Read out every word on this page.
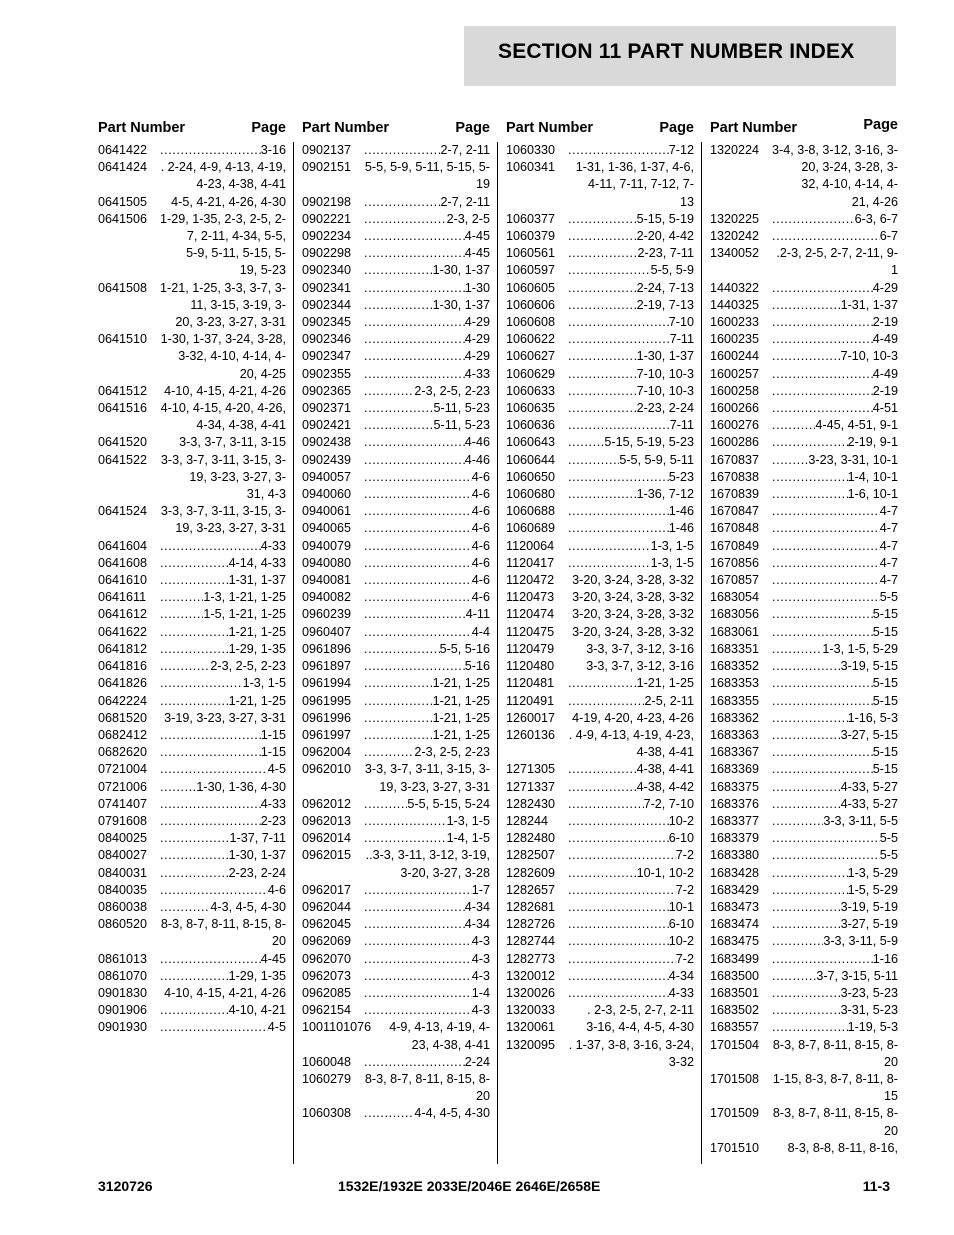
SECTION 11 PART NUMBER INDEX
Part Number	Page
0641422 .....	3-16
0641424 . 2-24, 4-9, 4-13, 4-19, 4-23, 4-38, 4-41
0641505	4-5, 4-21, 4-26, 4-30
0641506 1-29, 1-35, 2-3, 2-5, 2-7, 2-11, 4-34, 5-5, 5-9, 5-11, 5-15, 5-19, 5-23
0641508 1-21, 1-25, 3-3, 3-7, 3-11, 3-15, 3-19, 3-20, 3-23, 3-27, 3-31
0641510 1-30, 1-37, 3-24, 3-28, 3-32, 4-10, 4-14, 4-20, 4-25
0641512	4-10, 4-15, 4-21, 4-26
0641516 4-10, 4-15, 4-20, 4-26, 4-34, 4-38, 4-41
0641520	3-3, 3-7, 3-11, 3-15
0641522 3-3, 3-7, 3-11, 3-15, 3-19, 3-23, 3-27, 3-31, 4-3
0641524 3-3, 3-7, 3-11, 3-15, 3-19, 3-23, 3-27, 3-31
0641604 .....	4-33
0641608 .....	4-14, 4-33
0641610 .....	1-31, 1-37
0641611 .....	1-3, 1-21, 1-25
0641612 .....	1-5, 1-21, 1-25
0641622 .....	1-21, 1-25
0641812 .....	1-29, 1-35
0641816 .....	2-3, 2-5, 2-23
0641826 .....	1-3, 1-5
0642224 .....	1-21, 1-25
0681520	3-19, 3-23, 3-27, 3-31
0682412 .....	1-15
0682620 .....	1-15
0721004 .....	4-5
0721006 .....	1-30, 1-36, 4-30
0741407 .....	4-33
0791608 .....	2-23
0840025 .....	1-37, 7-11
0840027 .....	1-30, 1-37
0840031 .....	2-23, 2-24
0840035 .....	4-6
0860038 .....	4-3, 4-5, 4-30
0860520 8-3, 8-7, 8-11, 8-15, 8-20
0861013 .....	4-45
0861070 .....	1-29, 1-35
0901830	4-10, 4-15, 4-21, 4-26
0901906 .....	4-10, 4-21
0901930 .....	4-5
Part Number	Page
0902137 .....	2-7, 2-11
0902151 5-5, 5-9, 5-11, 5-15, 5-19
0902198 .....	2-7, 2-11
0902221 .....	2-3, 2-5
0902234 .....	4-45
0902298 .....	4-45
0902340 .....	1-30, 1-37
0902341 .....	1-30
0902344 .....	1-30, 1-37
0902345 .....	4-29
0902346 .....	4-29
0902347 .....	4-29
0902355 .....	4-33
0902365 .....	2-3, 2-5, 2-23
0902371 .....	5-11, 5-23
0902421 .....	5-11, 5-23
0902438 .....	4-46
0902439 .....	4-46
0940057 .....	4-6
0940060 .....	4-6
0940061 .....	4-6
0940065 .....	4-6
0940079 .....	4-6
0940080 .....	4-6
0940081 .....	4-6
0940082 .....	4-6
0960239 .....	4-11
0960407 .....	4-4
0961896 .....	5-5, 5-16
0961897 .....	5-16
0961994 .....	1-21, 1-25
0961995 .....	1-21, 1-25
0961996 .....	1-21, 1-25
0961997 .....	1-21, 1-25
0962004 .....	2-3, 2-5, 2-23
0962010 3-3, 3-7, 3-11, 3-15, 3-19, 3-23, 3-27, 3-31
0962012 .....	5-5, 5-15, 5-24
0962013 .....	1-3, 1-5
0962014 .....	1-4, 1-5
0962015 ..3-3, 3-11, 3-12, 3-19, 3-20, 3-27, 3-28
0962017 .....	1-7
0962044 .....	4-34
0962045 .....	4-34
0962069 .....	4-3
0962070 .....	4-3
0962073 .....	4-3
0962085 .....	1-4
0962154 .....	4-3
1001101076 4-9, 4-13, 4-19, 4-23, 4-38, 4-41
1060048 .....	2-24
1060279 8-3, 8-7, 8-11, 8-15, 8-20
1060308 .....	4-4, 4-5, 4-30
Part Number	Page
1060330 .....	7-12
1060341	1-31, 1-36, 1-37, 4-6, 4-11, 7-11, 7-12, 7-13
1060377 .....	5-15, 5-19
1060379 .....	2-20, 4-42
1060561 .....	2-23, 7-11
1060597 .....	5-5, 5-9
1060605 .....	2-24, 7-13
1060606 .....	2-19, 7-13
1060608 .....	7-10
1060622 .....	7-11
1060627 .....	1-30, 1-37
1060629 .....	7-10, 10-3
1060633 .....	7-10, 10-3
1060635 .....	2-23, 2-24
1060636 .....	7-11
1060643 .....	5-15, 5-19, 5-23
1060644 .....	5-5, 5-9, 5-11
1060650 .....	5-23
1060680 .....	1-36, 7-12
1060688 .....	1-46
1060689 .....	1-46
1120064 .....	1-3, 1-5
1120417 .....	1-3, 1-5
1120472	3-20, 3-24, 3-28, 3-32
1120473	3-20, 3-24, 3-28, 3-32
1120474	3-20, 3-24, 3-28, 3-32
1120475	3-20, 3-24, 3-28, 3-32
1120479	3-3, 3-7, 3-12, 3-16
1120480	3-3, 3-7, 3-12, 3-16
1120481 .....	1-21, 1-25
1120491 .....	2-5, 2-11
1260017	4-19, 4-20, 4-23, 4-26
1260136 . 4-9, 4-13, 4-19, 4-23, 4-38, 4-41
1271305 .....	4-38, 4-41
1271337 .....	4-38, 4-42
1282430 .....	7-2, 7-10
128244 .....	10-2
1282480 .....	6-10
1282507 .....	7-2
1282609 .....	10-1, 10-2
1282657 .....	7-2
1282681 .....	10-1
1282726 .....	6-10
1282744 .....	10-2
1282773 .....	7-2
1320012 .....	4-34
1320026 .....	4-33
1320033	. 2-3, 2-5, 2-7, 2-11
1320061	3-16, 4-4, 4-5, 4-30
1320095 . 1-37, 3-8, 3-16, 3-24, 3-32
Part Number	Page
1320224 3-4, 3-8, 3-12, 3-16, 3-20, 3-24, 3-28, 3-32, 4-10, 4-14, 4-21, 4-26
1320225 .....	6-3, 6-7
1320242 .....	6-7
1340052	.2-3, 2-5, 2-7, 2-11, 9-1
1440322 .....	4-29
1440325 .....	1-31, 1-37
1600233 .....	2-19
1600235 .....	4-49
1600244 .....	7-10, 10-3
1600257 .....	4-49
1600258 .....	2-19
1600266 .....	4-51
1600276 .....	4-45, 4-51, 9-1
1600286 .....	2-19, 9-1
1670837 .....	3-23, 3-31, 10-1
1670838 .....	1-4, 10-1
1670839 .....	1-6, 10-1
1670847 .....	4-7
1670848 .....	4-7
1670849 .....	4-7
1670856 .....	4-7
1670857 .....	4-7
1683054 .....	5-5
1683056 .....	5-15
1683061 .....	5-15
1683351 .....	1-3, 1-5, 5-29
1683352 .....	3-19, 5-15
1683353 .....	5-15
1683355 .....	5-15
1683362 .....	1-16, 5-3
1683363 .....	3-27, 5-15
1683367 .....	5-15
1683369 .....	5-15
1683375 .....	4-33, 5-27
1683376 .....	4-33, 5-27
1683377 .....	3-3, 3-11, 5-5
1683379 .....	5-5
1683380 .....	5-5
1683428 .....	1-3, 5-29
1683429 .....	1-5, 5-29
1683473 .....	3-19, 5-19
1683474 .....	3-27, 5-19
1683475 .....	3-3, 3-11, 5-9
1683499 .....	1-16
1683500 .....	3-7, 3-15, 5-11
1683501 .....	3-23, 5-23
1683502 .....	3-31, 5-23
1683557 .....	1-19, 5-3
1701504 8-3, 8-7, 8-11, 8-15, 8-20
1701508 1-15, 8-3, 8-7, 8-11, 8-15
1701509 8-3, 8-7, 8-11, 8-15, 8-20
1701510	8-3, 8-8, 8-11, 8-16,
3120726	1532E/1932E 2033E/2046E 2646E/2658E	11-3
